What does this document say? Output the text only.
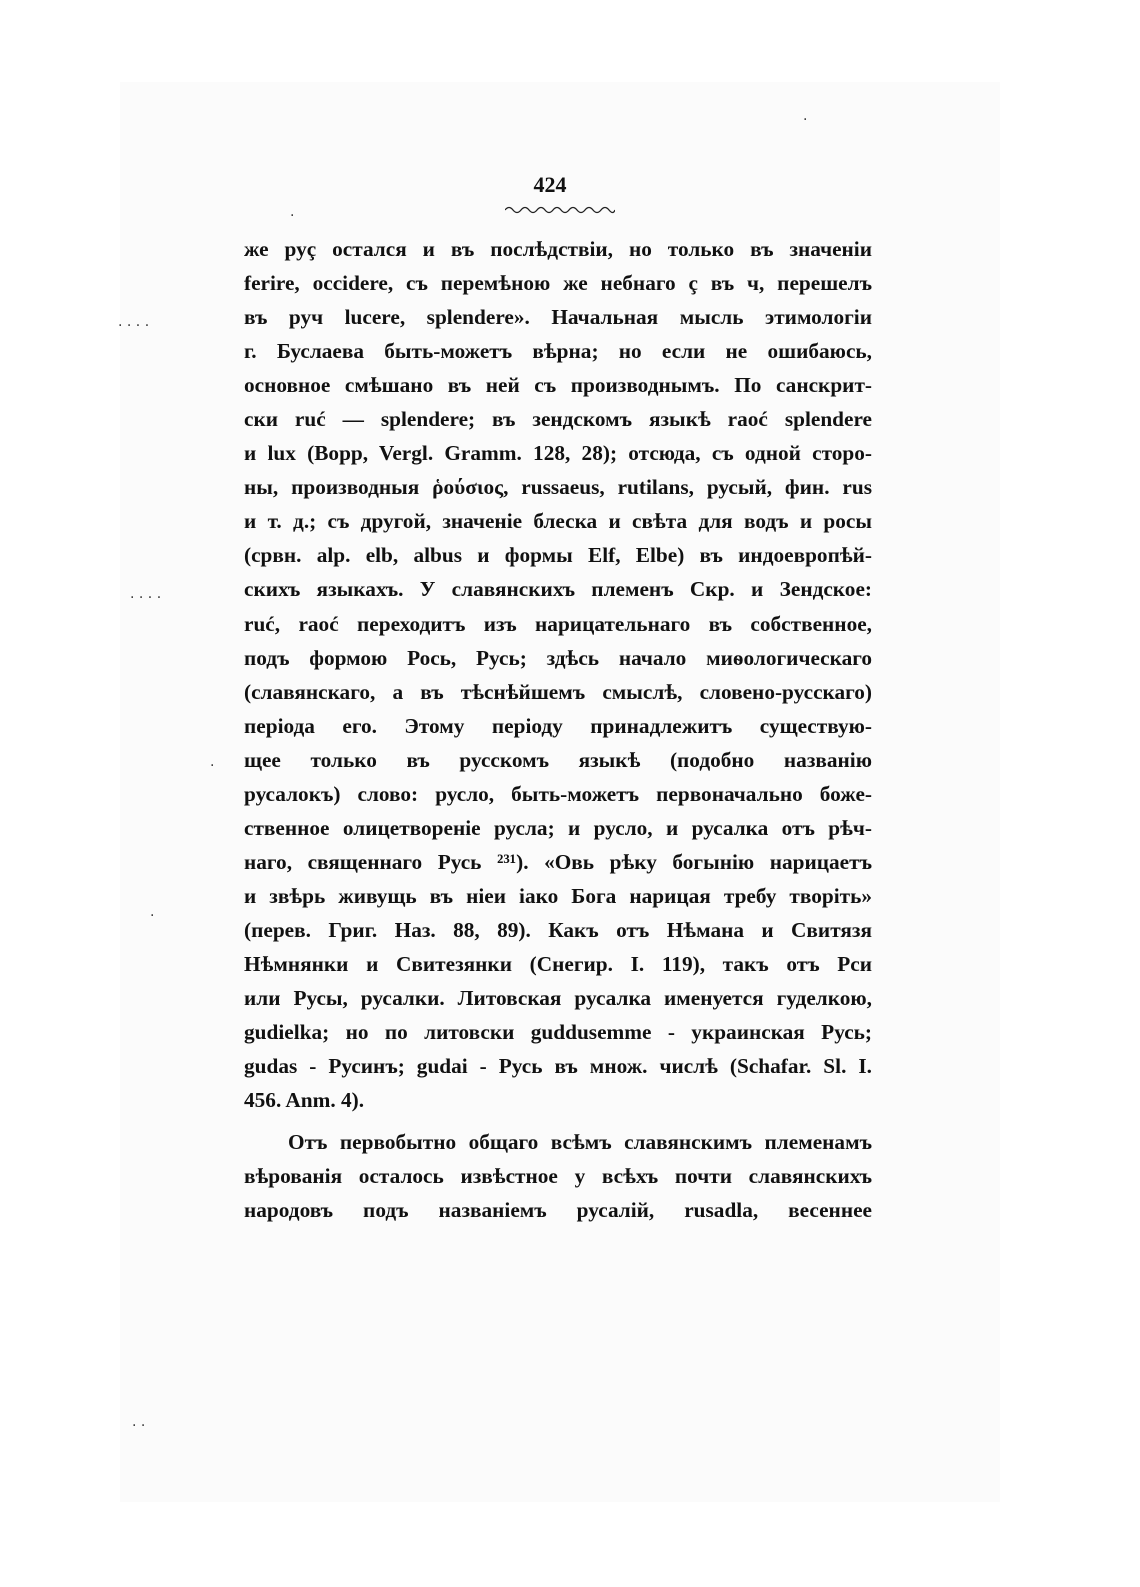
424
же руç остался и въ послѣдствіи, но только въ значеніи
ferire, occidere, съ перемѣною же небнаго ç въ ч, перешелъ
въ руч lucere, splendere». Начальная мысль этимологіи
г. Буслаева быть-можетъ вѣрна; но если не ошибаюсь,
основное смѣшано въ ней съ производнымъ. По санскрит-
ски ruć — splendere; въ зендскомъ языкѣ raoć splendere
и lux (Bopp, Vergl. Gramm. 128, 28); отсюда, съ одной сторо-
ны, производныя ῥούσιος, russaeus, rutilans, русый, фин. rus
и т. д.; съ другой, значеніе блеска и свѣта для водъ и росы
(срвн. alp. elb, albus и формы Elf, Elbe) въ индоевропѣй-
скихъ языкахъ. У славянскихъ племенъ Скр. и Зендское:
ruć, raoć переходитъ изъ нарицательнаго въ собственное,
подъ формою Рось, Русь; здѣсь начало миѳологическаго
(славянскаго, а въ тѣснѣйшемъ смыслѣ, словено-русскаго)
періода его. Этому періоду принадлежитъ существую-
щее только въ русскомъ языкѣ (подобно названію
русалокъ) слово: русло, быть-можетъ первоначально боже-
ственное олицетвореніе русла; и русло, и русалка отъ рѣч-
наго, священнаго Русь ²³¹). «Овь рѣку богынію нарицаетъ
и звѣрь живущь въ ніеи іако Бога нарицая требу творіть»
(перев. Григ. Наз. 88, 89). Какъ отъ Нѣмана и Свитязя
Нѣмнянки и Свитезянки (Снегир. I. 119), такъ отъ Рси
или Русы, русалки. Литовская русалка именуется гуделкою,
gudielka; но по литовски guddusemme - украинская Русь;
gudas - Русинъ; gudai - Русь въ множ. числѣ (Schafar. Sl. I.
456. Anm. 4).
Отъ первобытно общаго всѣмъ славянскимъ племенамъ
вѣрованія осталось извѣстное у всѣхъ почти славянскихъ
народовъ подъ названіемъ русалій, rusadla, весеннее
· · · ·
· · · ·
·
·
·
·
· ·
